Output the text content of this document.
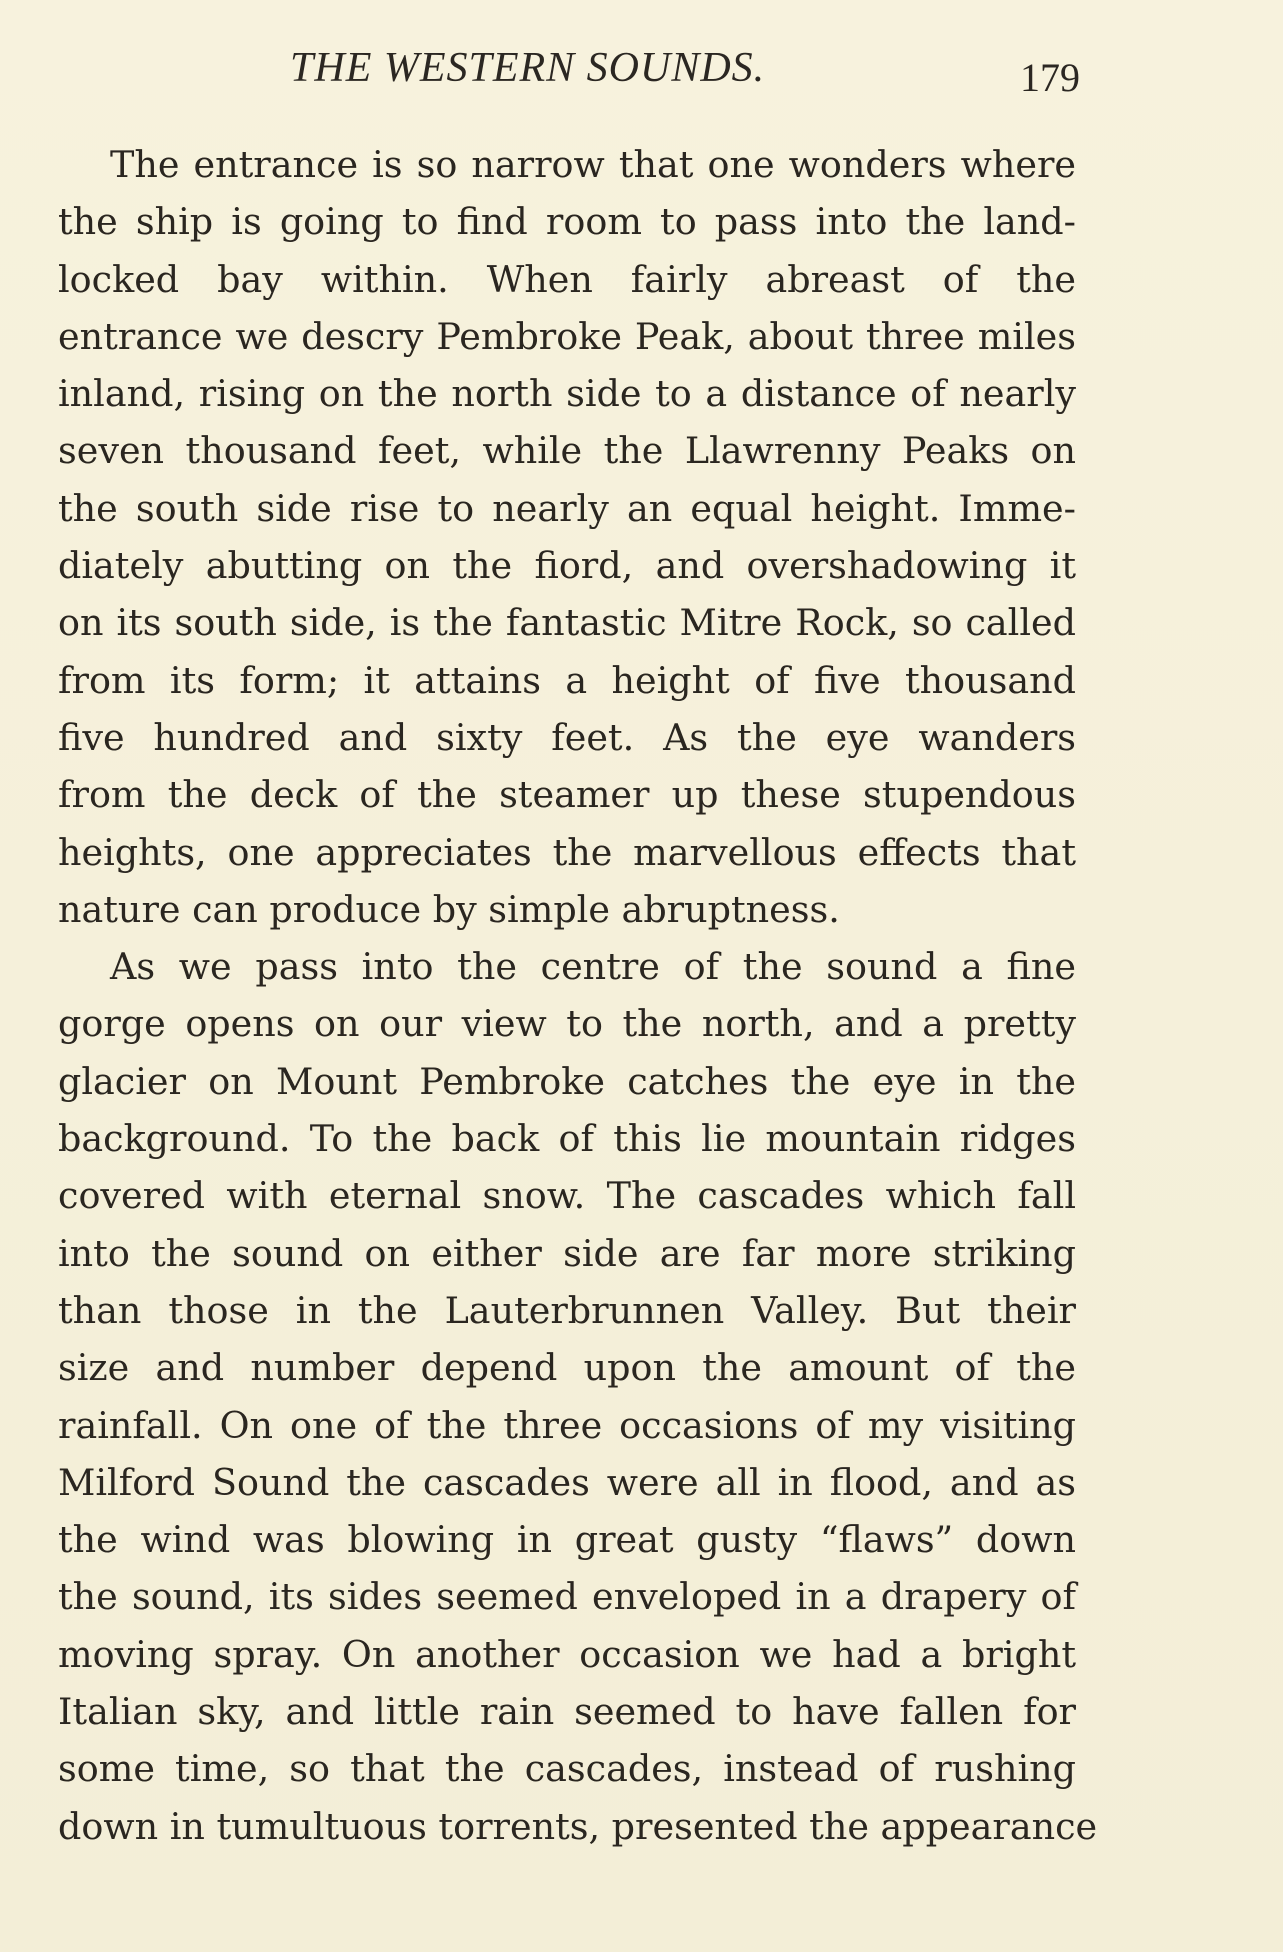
THE WESTERN SOUNDS.	179
The entrance is so narrow that one wonders where
the ship is going to find room to pass into the land-
locked bay within. When fairly abreast of the
entrance we descry Pembroke Peak, about three miles
inland, rising on the north side to a distance of nearly
seven thousand feet, while the Llawrenny Peaks on
the south side rise to nearly an equal height. Imme-
diately abutting on the fiord, and overshadowing it
on its south side, is the fantastic Mitre Rock, so called
from its form; it attains a height of five thousand
five hundred and sixty feet. As the eye wanders
from the deck of the steamer up these stupendous
heights, one appreciates the marvellous effects that
nature can produce by simple abruptness.
As we pass into the centre of the sound a fine
gorge opens on our view to the north, and a pretty
glacier on Mount Pembroke catches the eye in the
background. To the back of this lie mountain ridges
covered with eternal snow. The cascades which fall
into the sound on either side are far more striking
than those in the Lauterbrunnen Valley. But their
size and number depend upon the amount of the
rainfall. On one of the three occasions of my visiting
Milford Sound the cascades were all in flood, and as
the wind was blowing in great gusty “flaws” down
the sound, its sides seemed enveloped in a drapery of
moving spray. On another occasion we had a bright
Italian sky, and little rain seemed to have fallen for
some time, so that the cascades, instead of rushing
down in tumultuous torrents, presented the appearance
